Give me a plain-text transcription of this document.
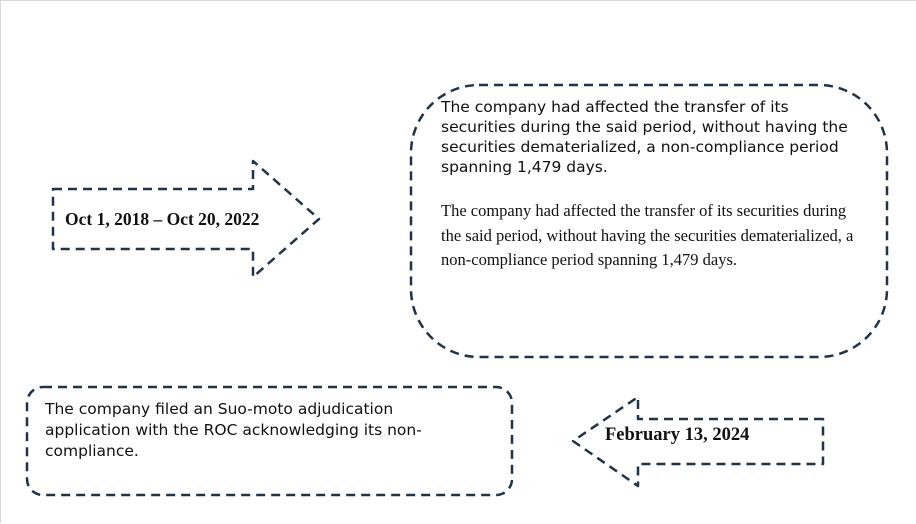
Oct 1, 2018 – Oct 20, 2022
The company had affected the transfer of its securities during the said period, without having the securities dematerialized, a non-compliance period spanning 1,479 days.
The company had affected the transfer of its securities during the said period, without having the securities dematerialized, a non-compliance period spanning 1,479 days.
The company filed an Suo-moto adjudication application with the ROC acknowledging its non-compliance.
February 13, 2024
